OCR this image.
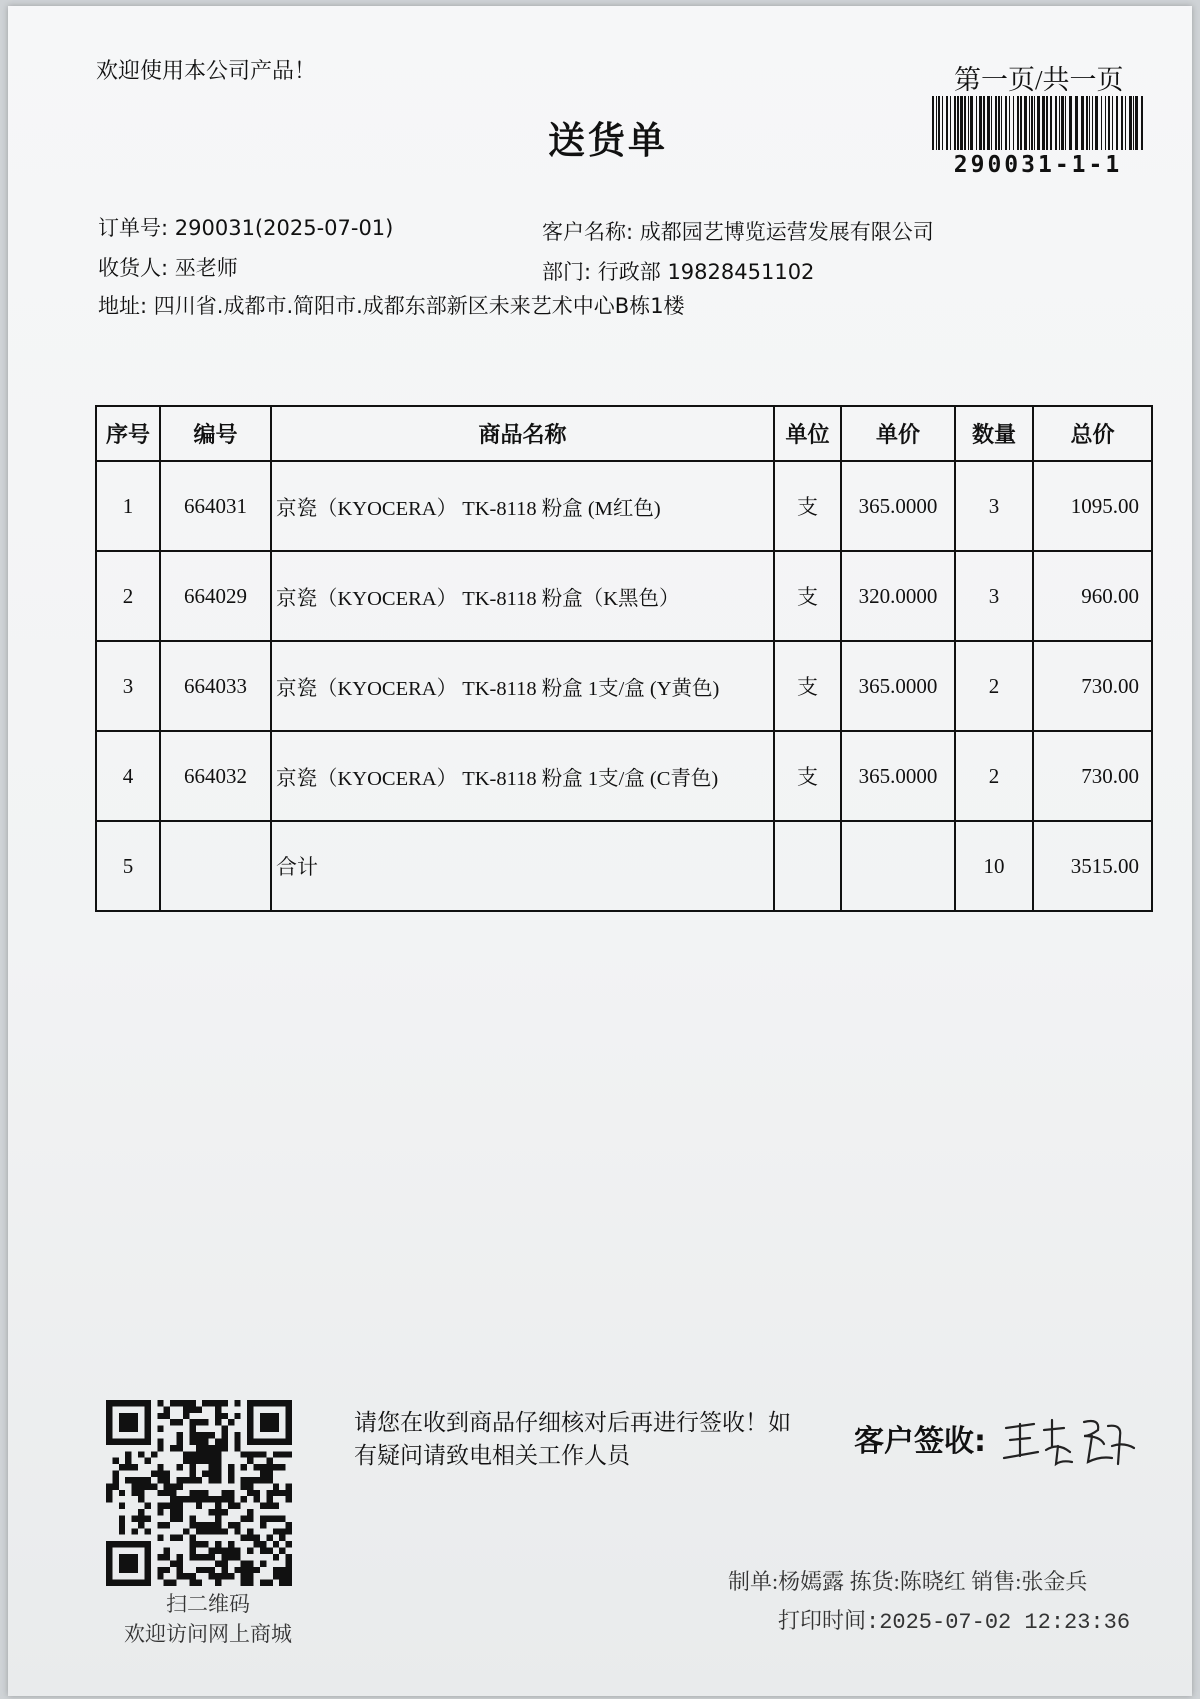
欢迎使用本公司产品！	第一页/共一页
290031-1-1
送货单
订单号: 290031(2025-07-01)
收货人: 巫老师
地址: 四川省.成都市.简阳市.成都东部新区未来艺术中心B栋1楼
客户名称: 成都园艺博览运营发展有限公司
部门: 行政部 19828451102
序号	编号	商品名称	单位	单价	数量	总价
1	664031	京瓷（KYOCERA） TK-8118 粉盒 (M红色)	支	365.0000	3	1095.00
2	664029	京瓷（KYOCERA） TK-8118 粉盒（K黑色）	支	320.0000	3	960.00
3	664033	京瓷（KYOCERA） TK-8118 粉盒 1支/盒 (Y黄色)	支	365.0000	2	730.00
4	664032	京瓷（KYOCERA） TK-8118 粉盒 1支/盒 (C青色)	支	365.0000	2	730.00
5		合计			10	3515.00
扫二维码
欢迎访问网上商城
请您在收到商品仔细核对后再进行签收！如有疑问请致电相关工作人员	客户签收:
制单:杨嫣露 拣货:陈晓红 销售:张金兵
打印时间:2025-07-02 12:23:36
